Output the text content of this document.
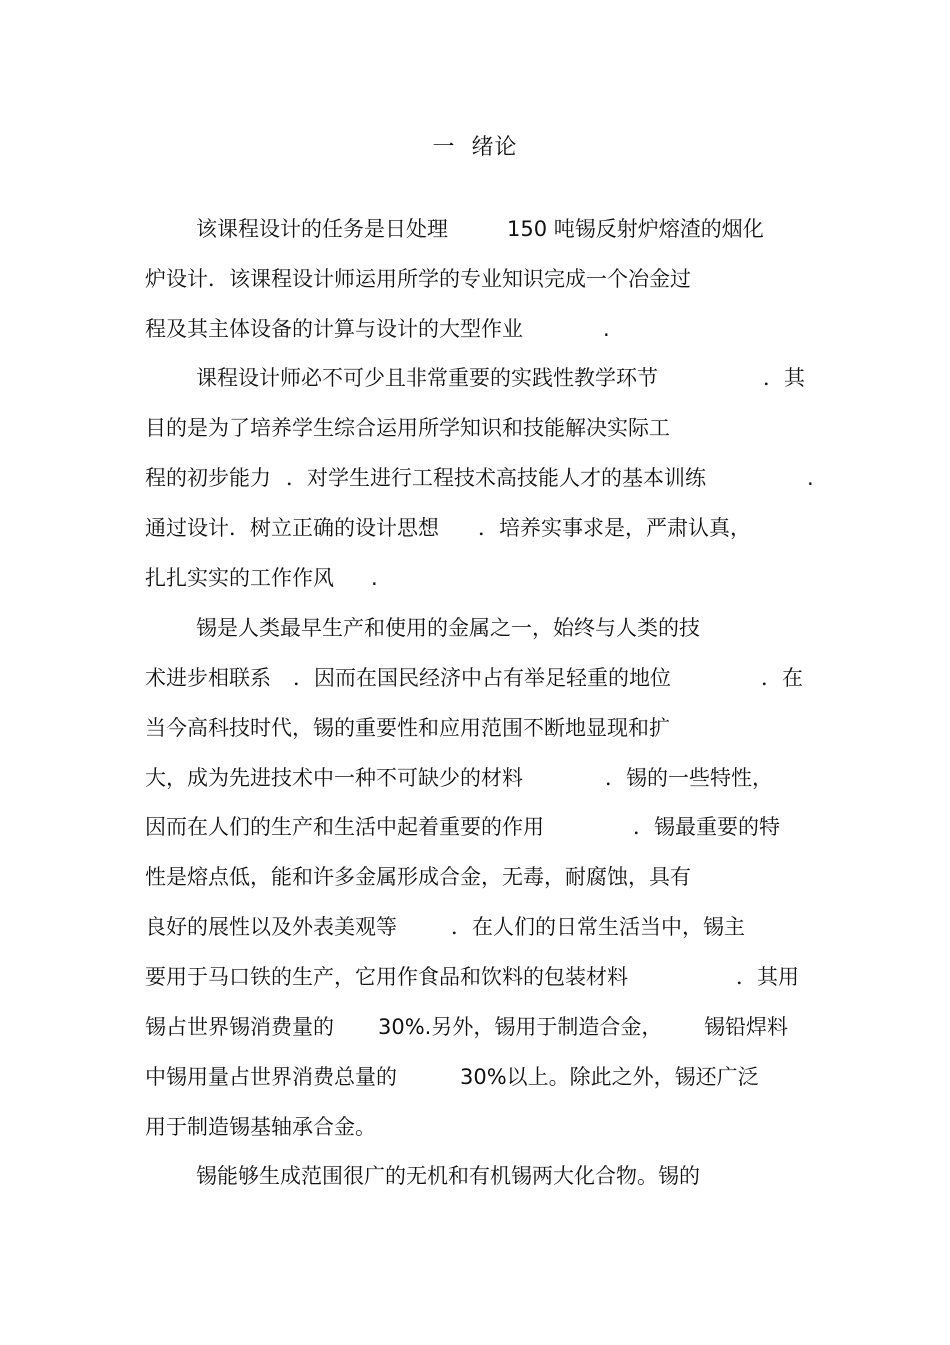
一  绪论

该课程设计的任务是日处理

	150 吨锡反射炉熔渣的烟化

炉设计．该课程设计师运用所学的专业知识完成一个冶金过

程及其主体设备的计算与设计的大型作业

	.

课程设计师必不可少且非常重要的实践性教学环节

	．其

目的是为了培养学生综合运用所学知识和技能解决实际工

程的初步能力

．对学生进行工程技术高技能人才的基本训练

	.

通过设计．树立正确的设计思想

．培养实事求是，严肃认真，

扎扎实实的工作作风

.

锡是人类最早生产和使用的金属之一，始终与人类的技

术进步相联系

．因而在国民经济中占有举足轻重的地位

	．在

当今高科技时代，锡的重要性和应用范围不断地显现和扩

大，成为先进技术中一种不可缺少的材料

	．锡的一些特性，

因而在人们的生产和生活中起着重要的作用

	．锡最重要的特

性是熔点低，能和许多金属形成合金，无毒，耐腐蚀，具有

良好的展性以及外表美观等

	．在人们的日常生活当中，锡主

要用于马口铁的生产，它用作食品和饮料的包装材料

	．其用

锡占世界锡消费量的

30%.另外，锡用于制造合金，

锡铅焊料

中锡用量占世界消费总量的

	30%以上。除此之外，锡还广泛

用于制造锡基轴承合金。

锡能够生成范围很广的无机和有机锡两大化合物。锡的
